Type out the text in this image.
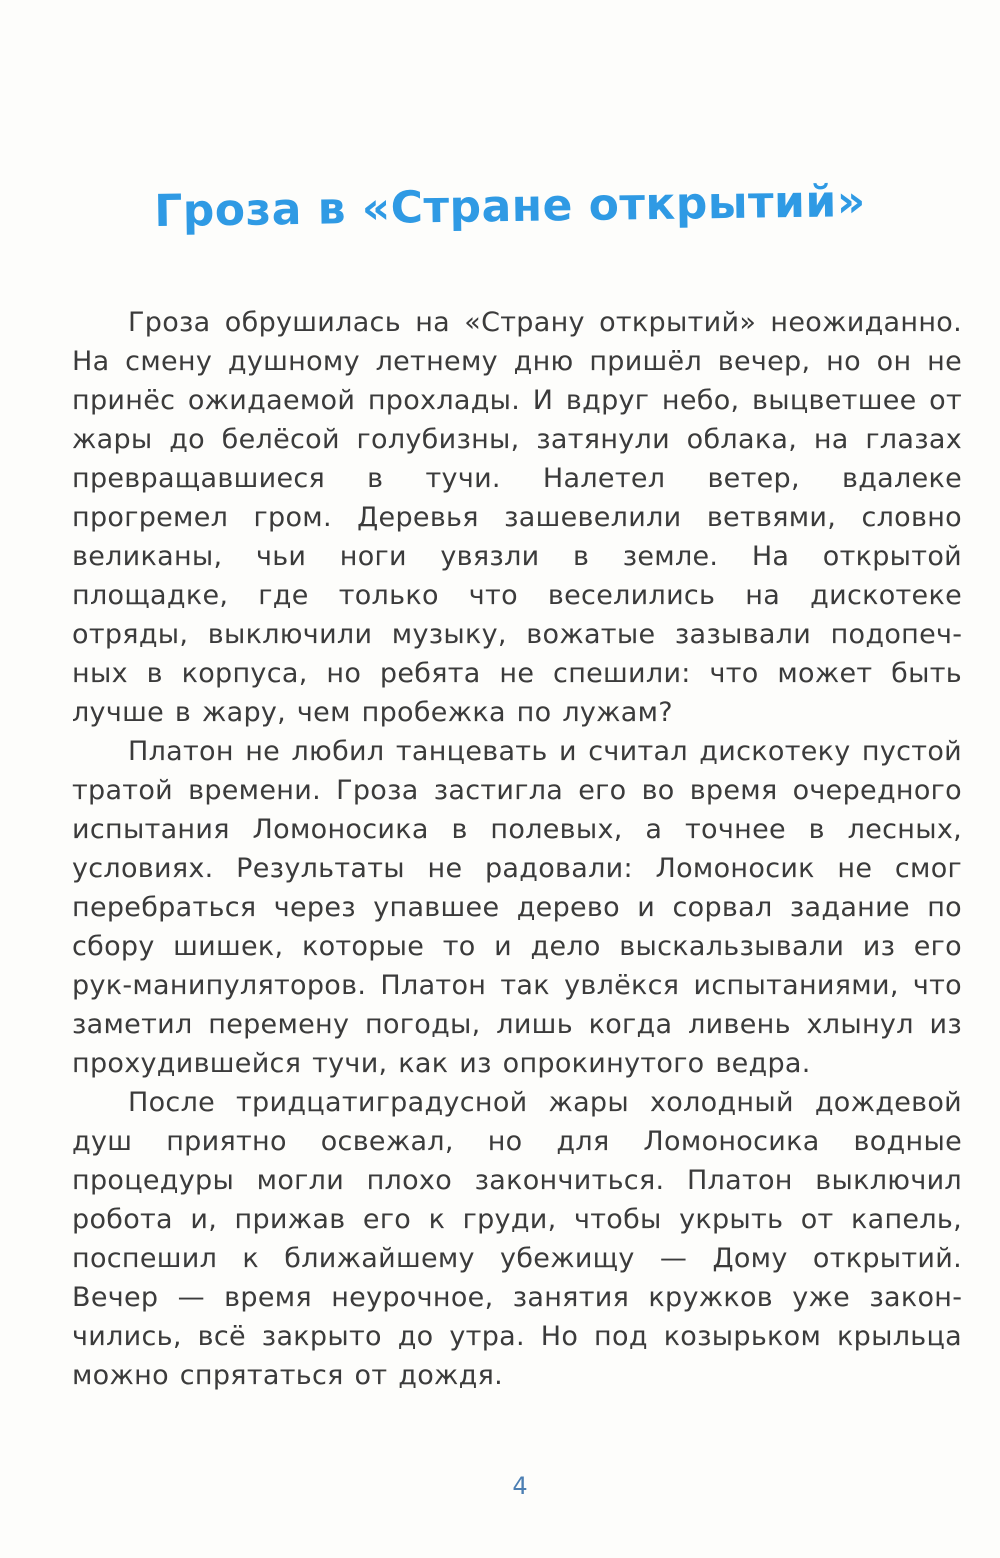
Гроза в «Стране открытий»

Гроза обрушилась на «Страну открытий» неожиданно. На смену душному летнему дню пришёл вечер, но он не принёс ожидаемой прохлады. И вдруг небо, выцветшее от жары до белёсой голубизны, затянули облака, на глазах превращавшиеся в тучи. Налетел ветер, вдалеке прогремел гром. Деревья зашевелили ветвями, словно великаны, чьи ноги увязли в земле. На открытой площадке, где только что веселились на дискотеке отряды, выключили музыку, вожатые зазывали подопечных в корпуса, но ребята не спешили: что может быть лучше в жару, чем пробежка по лужам?

Платон не любил танцевать и считал дискотеку пустой тратой времени. Гроза застигла его во время очередного испытания Ломоносика в полевых, а точнее в лесных, условиях. Результаты не радовали: Ломоносик не смог перебраться через упавшее дерево и сорвал задание по сбору шишек, которые то и дело выскальзывали из его рук-манипуляторов. Платон так увлёкся испытаниями, что заметил перемену погоды, лишь когда ливень хлынул из прохудившейся тучи, как из опрокинутого ведра.

После тридцатиградусной жары холодный дождевой душ приятно освежал, но для Ломоносика водные процедуры могли плохо закончиться. Платон выключил робота и, прижав его к груди, чтобы укрыть от капель, поспешил к ближайшему убежищу — Дому открытий. Вечер — время неурочное, занятия кружков уже закончились, всё закрыто до утра. Но под козырьком крыльца можно спрятаться от дождя.

4
